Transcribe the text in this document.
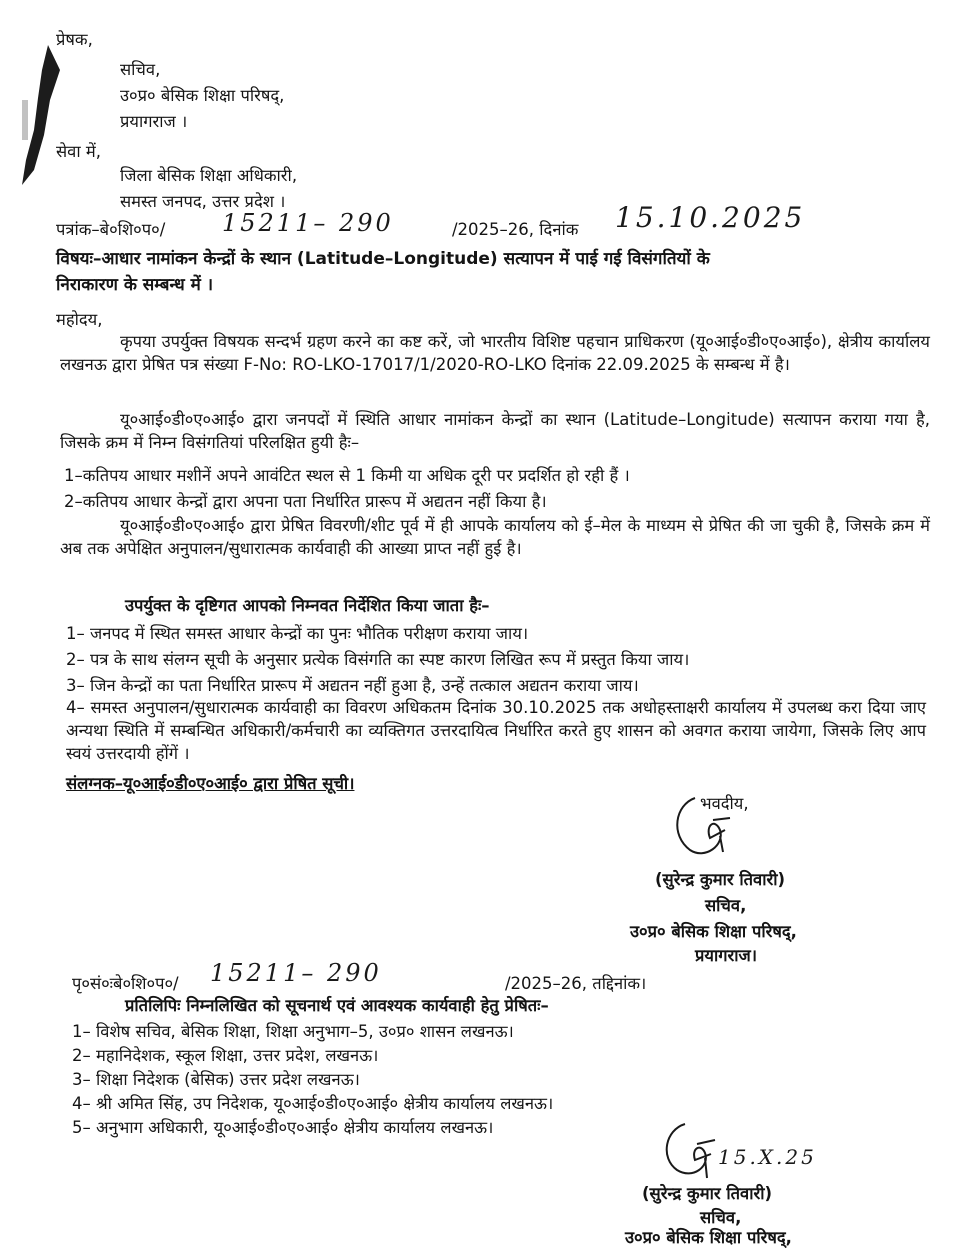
प्रेषक,
सचिव,
उ०प्र० बेसिक शिक्षा परिषद्,
प्रयागराज ।
सेवा में,
जिला बेसिक शिक्षा अधिकारी,
समस्त जनपद, उत्तर प्रदेश ।
पत्रांक–बे०शि०प०/ 15211– 290	/2025–26, दिनांक 15.10.2025
विषयः–आधार नामांकन केन्द्रों के स्थान (Latitude–Longitude) सत्यापन में पाई गई विसंगतियों के
निराकारण के सम्बन्ध में ।
महोदय,
कृपया उपर्युक्त विषयक सन्दर्भ ग्रहण करने का कष्ट करें, जो भारतीय विशिष्ट पहचान प्राधिकरण (यू०आई०डी०ए०आई०), क्षेत्रीय कार्यालय लखनऊ द्वारा प्रेषित पत्र संख्या F-No: RO-LKO-17017/1/2020-RO-LKO दिनांक 22.09.2025 के सम्बन्ध में है।
यू०आई०डी०ए०आई० द्वारा जनपदों में स्थिति आधार नामांकन केन्द्रों का स्थान (Latitude–Longitude) सत्यापन कराया गया है, जिसके क्रम में निम्न विसंगतियां परिलक्षित हुयी हैः–
1–कतिपय आधार मशीनें अपने आवंटित स्थल से 1 किमी या अधिक दूरी पर प्रदर्शित हो रही हैं ।
2–कतिपय आधार केन्द्रों द्वारा अपना पता निर्धारित प्रारूप में अद्यतन नहीं किया है।
यू०आई०डी०ए०आई० द्वारा प्रेषित विवरणी/शीट पूर्व में ही आपके कार्यालय को ई–मेल के माध्यम से प्रेषित की जा चुकी है, जिसके क्रम में अब तक अपेक्षित अनुपालन/सुधारात्मक कार्यवाही की आख्या प्राप्त नहीं हुई है।
उपर्युक्त के दृष्टिगत आपको निम्नवत निर्देशित किया जाता हैः–
1– जनपद में स्थित समस्त आधार केन्द्रों का पुनः भौतिक परीक्षण कराया जाय।
2– पत्र के साथ संलग्न सूची के अनुसार प्रत्येक विसंगति का स्पष्ट कारण लिखित रूप में प्रस्तुत किया जाय।
3– जिन केन्द्रों का पता निर्धारित प्रारूप में अद्यतन नहीं हुआ है, उन्हें तत्काल अद्यतन कराया जाय।
4– समस्त अनुपालन/सुधारात्मक कार्यवाही का विवरण अधिकतम दिनांक 30.10.2025 तक अधोहस्ताक्षरी कार्यालय में उपलब्ध करा दिया जाए अन्यथा स्थिति में सम्बन्धित अधिकारी/कर्मचारी का व्यक्तिगत उत्तरदायित्व निर्धारित करते हुए शासन को अवगत कराया जायेगा, जिसके लिए आप स्वयं उत्तरदायी होंगें ।
संलग्नक–यू०आई०डी०ए०आई० द्वारा प्रेषित सूची।
भवदीय,
(सुरेन्द्र कुमार तिवारी)
सचिव,
उ०प्र० बेसिक शिक्षा परिषद्,
प्रयागराज।
पृ०सं०ःबे०शि०प०/ 15211– 290	/2025–26, तद्दिनांक।
प्रतिलिपिः निम्नलिखित को सूचनार्थ एवं आवश्यक कार्यवाही हेतु प्रेषितः–
1– विशेष सचिव, बेसिक शिक्षा, शिक्षा अनुभाग–5, उ०प्र० शासन लखनऊ।
2– महानिदेशक, स्कूल शिक्षा, उत्तर प्रदेश, लखनऊ।
3– शिक्षा निदेशक (बेसिक) उत्तर प्रदेश लखनऊ।
4– श्री अमित सिंह, उप निदेशक, यू०आई०डी०ए०आई० क्षेत्रीय कार्यालय लखनऊ।
5– अनुभाग अधिकारी, यू०आई०डी०ए०आई० क्षेत्रीय कार्यालय लखनऊ।
15.X.25
(सुरेन्द्र कुमार तिवारी)
सचिव,
उ०प्र० बेसिक शिक्षा परिषद्,
